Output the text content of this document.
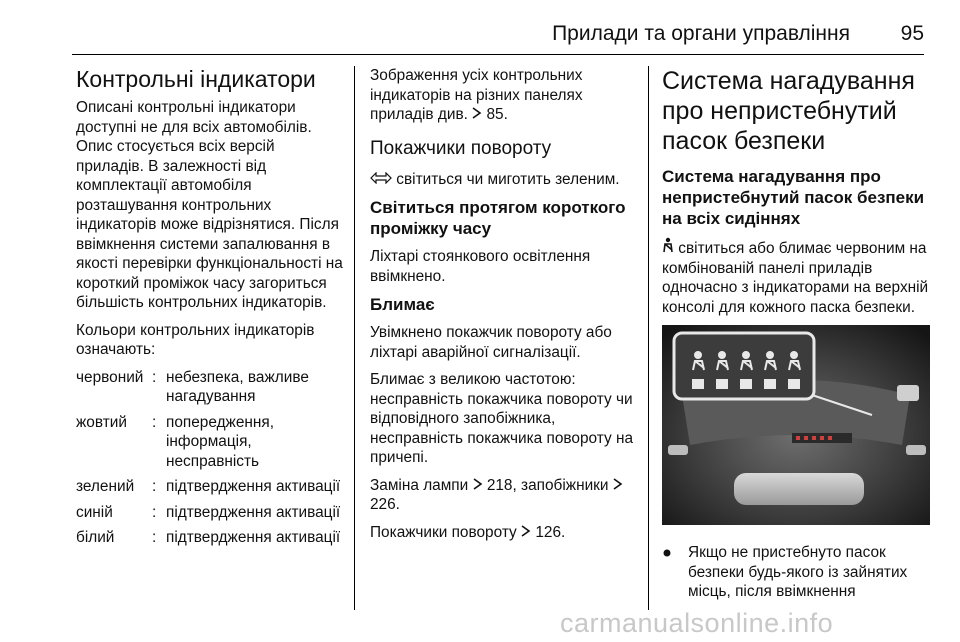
Прилади та органи управління 95
Контрольні індикатори

Описані контрольні індикатори доступні не для всіх автомобілів. Опис стосується всіх версій приладів. В залежності від комплектації автомобіля розташування контрольних індикаторів може відрізнятися. Після ввімкнення системи запалювання в якості перевірки функціональності на короткий проміжок часу загориться більшість контрольних індикаторів.

Кольори контрольних індикаторів означають:

червоний	:	небезпека, важливе нагадування
жовтий	:	попередження, інформація, несправність
зелений	:	підтвердження активації
синій	:	підтвердження активації
білий	:	підтвердження активації

Зображення усіх контрольних індикаторів на різних панелях приладів див. 85.

Покажчики повороту

світиться чи миготить зеленим.

Світиться протягом короткого проміжку часу

Ліхтарі стоянкового освітлення ввімкнено.

Блимає

Увімкнено покажчик повороту або ліхтарі аварійної сигналізації.

Блимає з великою частотою: несправність покажчика повороту чи відповідного запобіжника, несправність покажчика повороту на причепі.

Заміна лампи 218, запобіжники  226.

Покажчики повороту 126.

Система нагадування про непристебнутий пасок безпеки
Система нагадування про непристебнутий пасок безпеки на всіх сидіннях

світиться або блимає червоним на комбінованій панелі приладів одночасно з індикаторами на верхній консолі для кожного паска безпеки.

Якщо не пристебнуто пасок безпеки будь-якого із зайнятих місць, після ввімкнення
carmanualsonline.info
